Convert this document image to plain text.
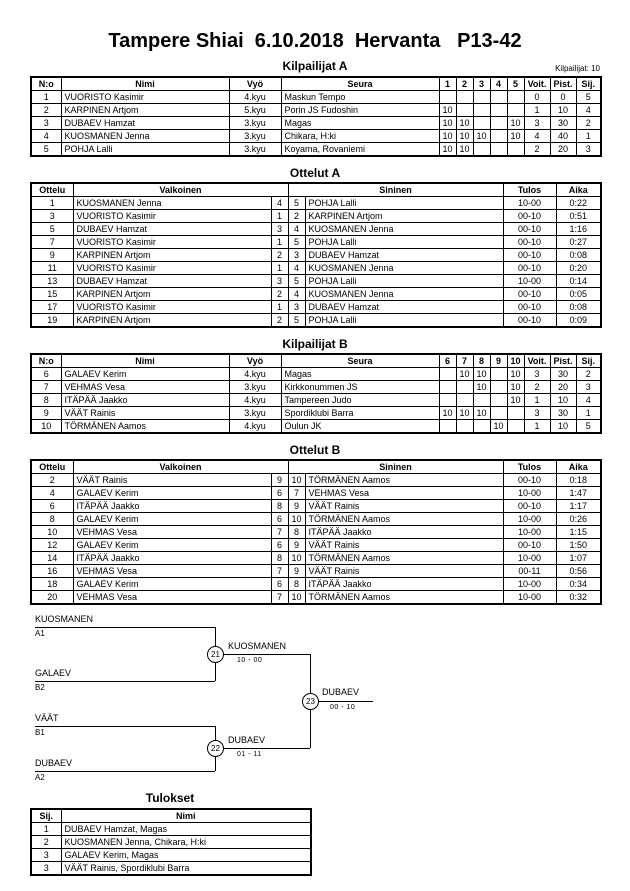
Tampere Shiai  6.10.2018  Hervanta   P13-42
Kilpailijat A	Kilpailijat: 10
N:o	Nimi	Vyö	Seura	1	2	3	4	5	Voit.	Pist.	Sij.
1	VUORISTO Kasimir	4.kyu	Maskun Tempo						0	0	5
2	KARPINEN Artjom	5.kyu	Porin JS Fudoshin	10					1	10	4
3	DUBAEV Hamzat	3.kyu	Magas	10	10			10	3	30	2
4	KUOSMANEN Jenna	3.kyu	Chikara, H:ki	10	10	10		10	4	40	1
5	POHJA Lalli	3.kyu	Koyama, Rovaniemi	10	10				2	20	3
Ottelut A
Ottelu	Valkoinen		Sininen		Tulos	Aika
1	KUOSMANEN Jenna	4	5	POHJA Lalli	10-00	0:22
3	VUORISTO Kasimir	1	2	KARPINEN Artjom	00-10	0:51
5	DUBAEV Hamzat	3	4	KUOSMANEN Jenna	00-10	1:16
7	VUORISTO Kasimir	1	5	POHJA Lalli	00-10	0:27
9	KARPINEN Artjom	2	3	DUBAEV Hamzat	00-10	0:08
11	VUORISTO Kasimir	1	4	KUOSMANEN Jenna	00-10	0:20
13	DUBAEV Hamzat	3	5	POHJA Lalli	10-00	0:14
15	KARPINEN Artjom	2	4	KUOSMANEN Jenna	00-10	0:05
17	VUORISTO Kasimir	1	3	DUBAEV Hamzat	00-10	0:08
19	KARPINEN Artjom	2	5	POHJA Lalli	00-10	0:09
Kilpailijat B
N:o	Nimi	Vyö	Seura	6	7	8	9	10	Voit.	Pist.	Sij.
6	GALAEV Kerim	4.kyu	Magas		10	10		10	3	30	2
7	VEHMAS Vesa	3.kyu	Kirkkonummen JS			10		10	2	20	3
8	ITÄPÄÄ Jaakko	4.kyu	Tampereen Judo					10	1	10	4
9	VÄÄT Rainis	3.kyu	Spordiklubi Barra	10	10	10			3	30	1
10	TÖRMÄNEN Aamos	4.kyu	Oulun JK				10		1	10	5
Ottelut B
Ottelu	Valkoinen		Sininen		Tulos	Aika
2	VÄÄT Rainis	9	10	TÖRMÄNEN Aamos	00-10	0:18
4	GALAEV Kerim	6	7	VEHMAS Vesa	10-00	1:47
6	ITÄPÄÄ Jaakko	8	9	VÄÄT Rainis	00-10	1:17
8	GALAEV Kerim	6	10	TÖRMÄNEN Aamos	10-00	0:26
10	VEHMAS Vesa	7	8	ITÄPÄÄ Jaakko	10-00	1:15
12	GALAEV Kerim	6	9	VÄÄT Rainis	00-10	1:50
14	ITÄPÄÄ Jaakko	8	10	TÖRMÄNEN Aamos	10-00	1:07
16	VEHMAS Vesa	7	9	VÄÄT Rainis	00-11	0:56
18	GALAEV Kerim	6	8	ITÄPÄÄ Jaakko	10-00	0:34
20	VEHMAS Vesa	7	10	TÖRMÄNEN Aamos	10-00	0:32
KUOSMANEN
A1
GALAEV
B2
21
KUOSMANEN
10 - 00
VÄÄT
B1
DUBAEV
A2
22
DUBAEV
01 - 11
23
DUBAEV
00 - 10
Tulokset
Sij.	Nimi
1	DUBAEV Hamzat, Magas
2	KUOSMANEN Jenna, Chikara, H:ki
3	GALAEV Kerim, Magas
3	VÄÄT Rainis, Spordiklubi Barra
